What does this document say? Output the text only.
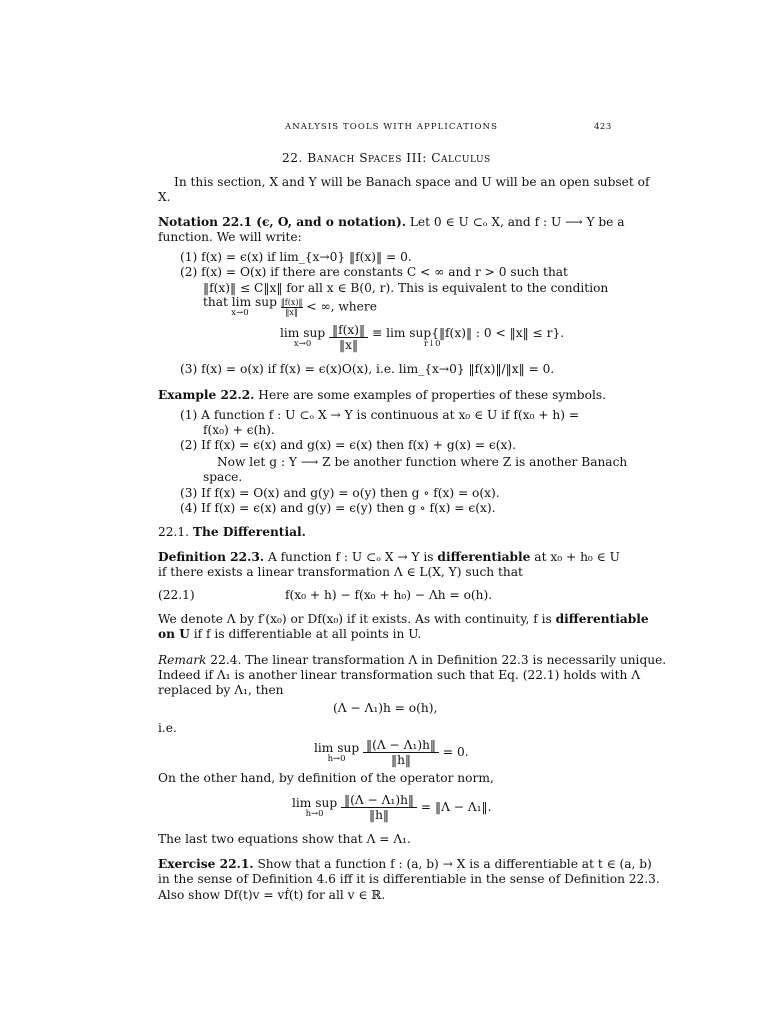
ANALYSIS TOOLS WITH APPLICATIONS	423
22. Banach Spaces III: Calculus
In this section, X and Y will be Banach space and U will be an open subset of
X.
Notation 22.1 (ϵ, O, and o notation). Let 0 ∈ U ⊂ₒ X, and f : U ⟶ Y be a
function. We will write:
(1) f(x) = ϵ(x) if lim_{x→0} ‖f(x)‖ = 0.
(2) f(x) = O(x) if there are constants C < ∞ and r > 0 such that
‖f(x)‖ ≤ C‖x‖ for all x ∈ B(0, r). This is equivalent to the condition
that lim sup
x→0
	$\frac{‖f(x)‖}{‖x‖}$ < ∞, where
lim sup
x→0
	$\frac{‖f(x)‖}{‖x‖}$
≡ lim sup{‖f(x)‖ : 0 < ‖x‖ ≤ r}.
r↓0
(3) f(x) = o(x) if f(x) = ϵ(x)O(x), i.e. lim_{x→0} ‖f(x)‖/‖x‖ = 0.
Example 22.2. Here are some examples of properties of these symbols.
(1) A function f : U ⊂ₒ X → Y is continuous at x₀ ∈ U if f(x₀ + h) =
f(x₀) + ϵ(h).
(2) If f(x) = ϵ(x) and g(x) = ϵ(x) then f(x) + g(x) = ϵ(x).
Now let g : Y ⟶ Z be another function where Z is another Banach
space.
(3) If f(x) = O(x) and g(y) = o(y) then g ∘ f(x) = o(x).
(4) If f(x) = ϵ(x) and g(y) = ϵ(y) then g ∘ f(x) = ϵ(x).
22.1. The Differential.
Definition 22.3. A function f : U ⊂ₒ X → Y is differentiable at x₀ + h₀ ∈ U
if there exists a linear transformation Λ ∈ L(X, Y) such that
(22.1)	f(x₀ + h) − f(x₀ + h₀) − Λh = o(h).
We denote Λ by f′(x₀) or Df(x₀) if it exists. As with continuity, f is differentiable
on U if f is differentiable at all points in U.
Remark 22.4. The linear transformation Λ in Definition 22.3 is necessarily unique.
Indeed if Λ₁ is another linear transformation such that Eq. (22.1) holds with Λ
replaced by Λ₁, then
(Λ − Λ₁)h = o(h),
i.e.
lim sup
h→0
	$\frac{\text{‖(Λ − Λ₁)h‖}}{‖h‖} = 0$.
On the other hand, by definition of the operator norm,
lim sup
h→0
	$\frac{\text{‖(Λ − Λ₁)h‖}}{‖h‖}$ = ‖Λ − Λ₁‖.
The last two equations show that Λ = Λ₁.
Exercise 22.1. Show that a function f : (a, b) → X is a differentiable at t ∈ (a, b)
in the sense of Definition 4.6 iff it is differentiable in the sense of Definition 22.3.
Also show Df(t)v = vḟ(t) for all v ∈ ℝ.
